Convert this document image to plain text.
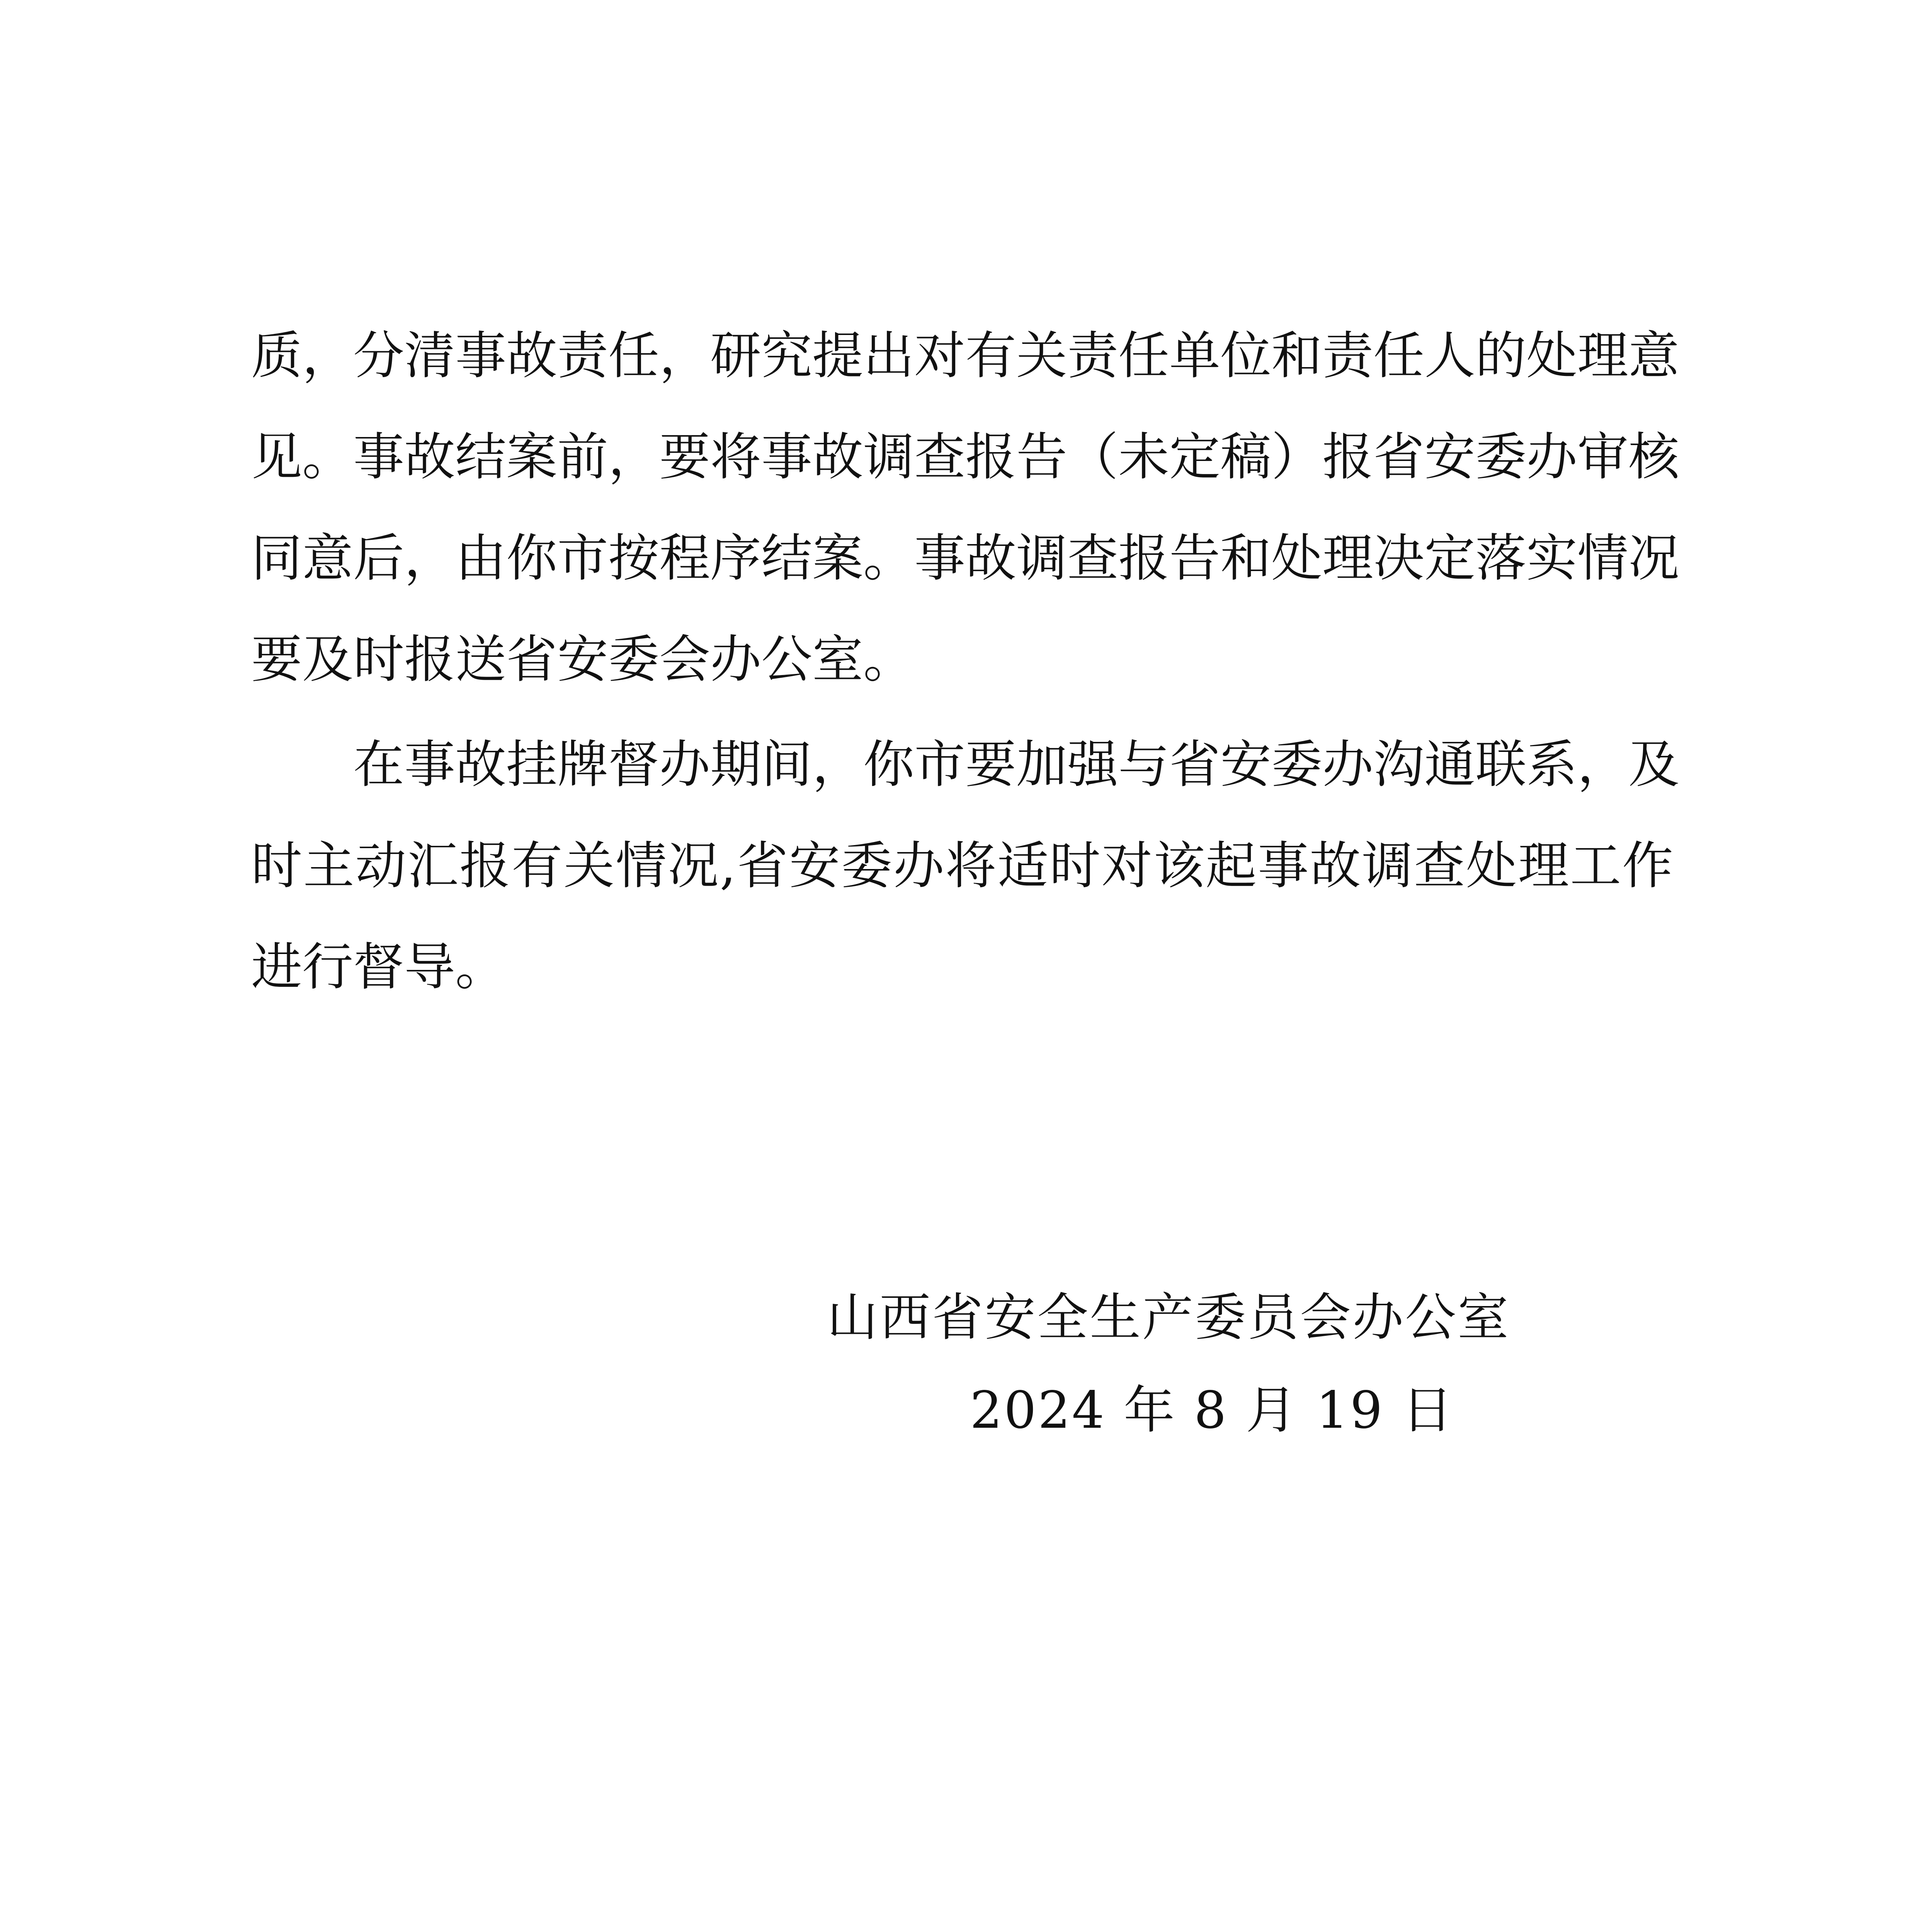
质，分清事故责任，研究提出对有关责任单位和责任人的处理意
见。事故结案前，要将事故调查报告（未定稿）报省安委办审核
同意后，由你市按程序结案。事故调查报告和处理决定落实情况
要及时报送省安委会办公室。
在事故挂牌督办期间，你市要加强与省安委办沟通联系，及
时主动汇报有关情况,省安委办将适时对该起事故调查处理工作
进行督导。
山西省安全生产委员会办公室
2024 年 8 月 19 日
